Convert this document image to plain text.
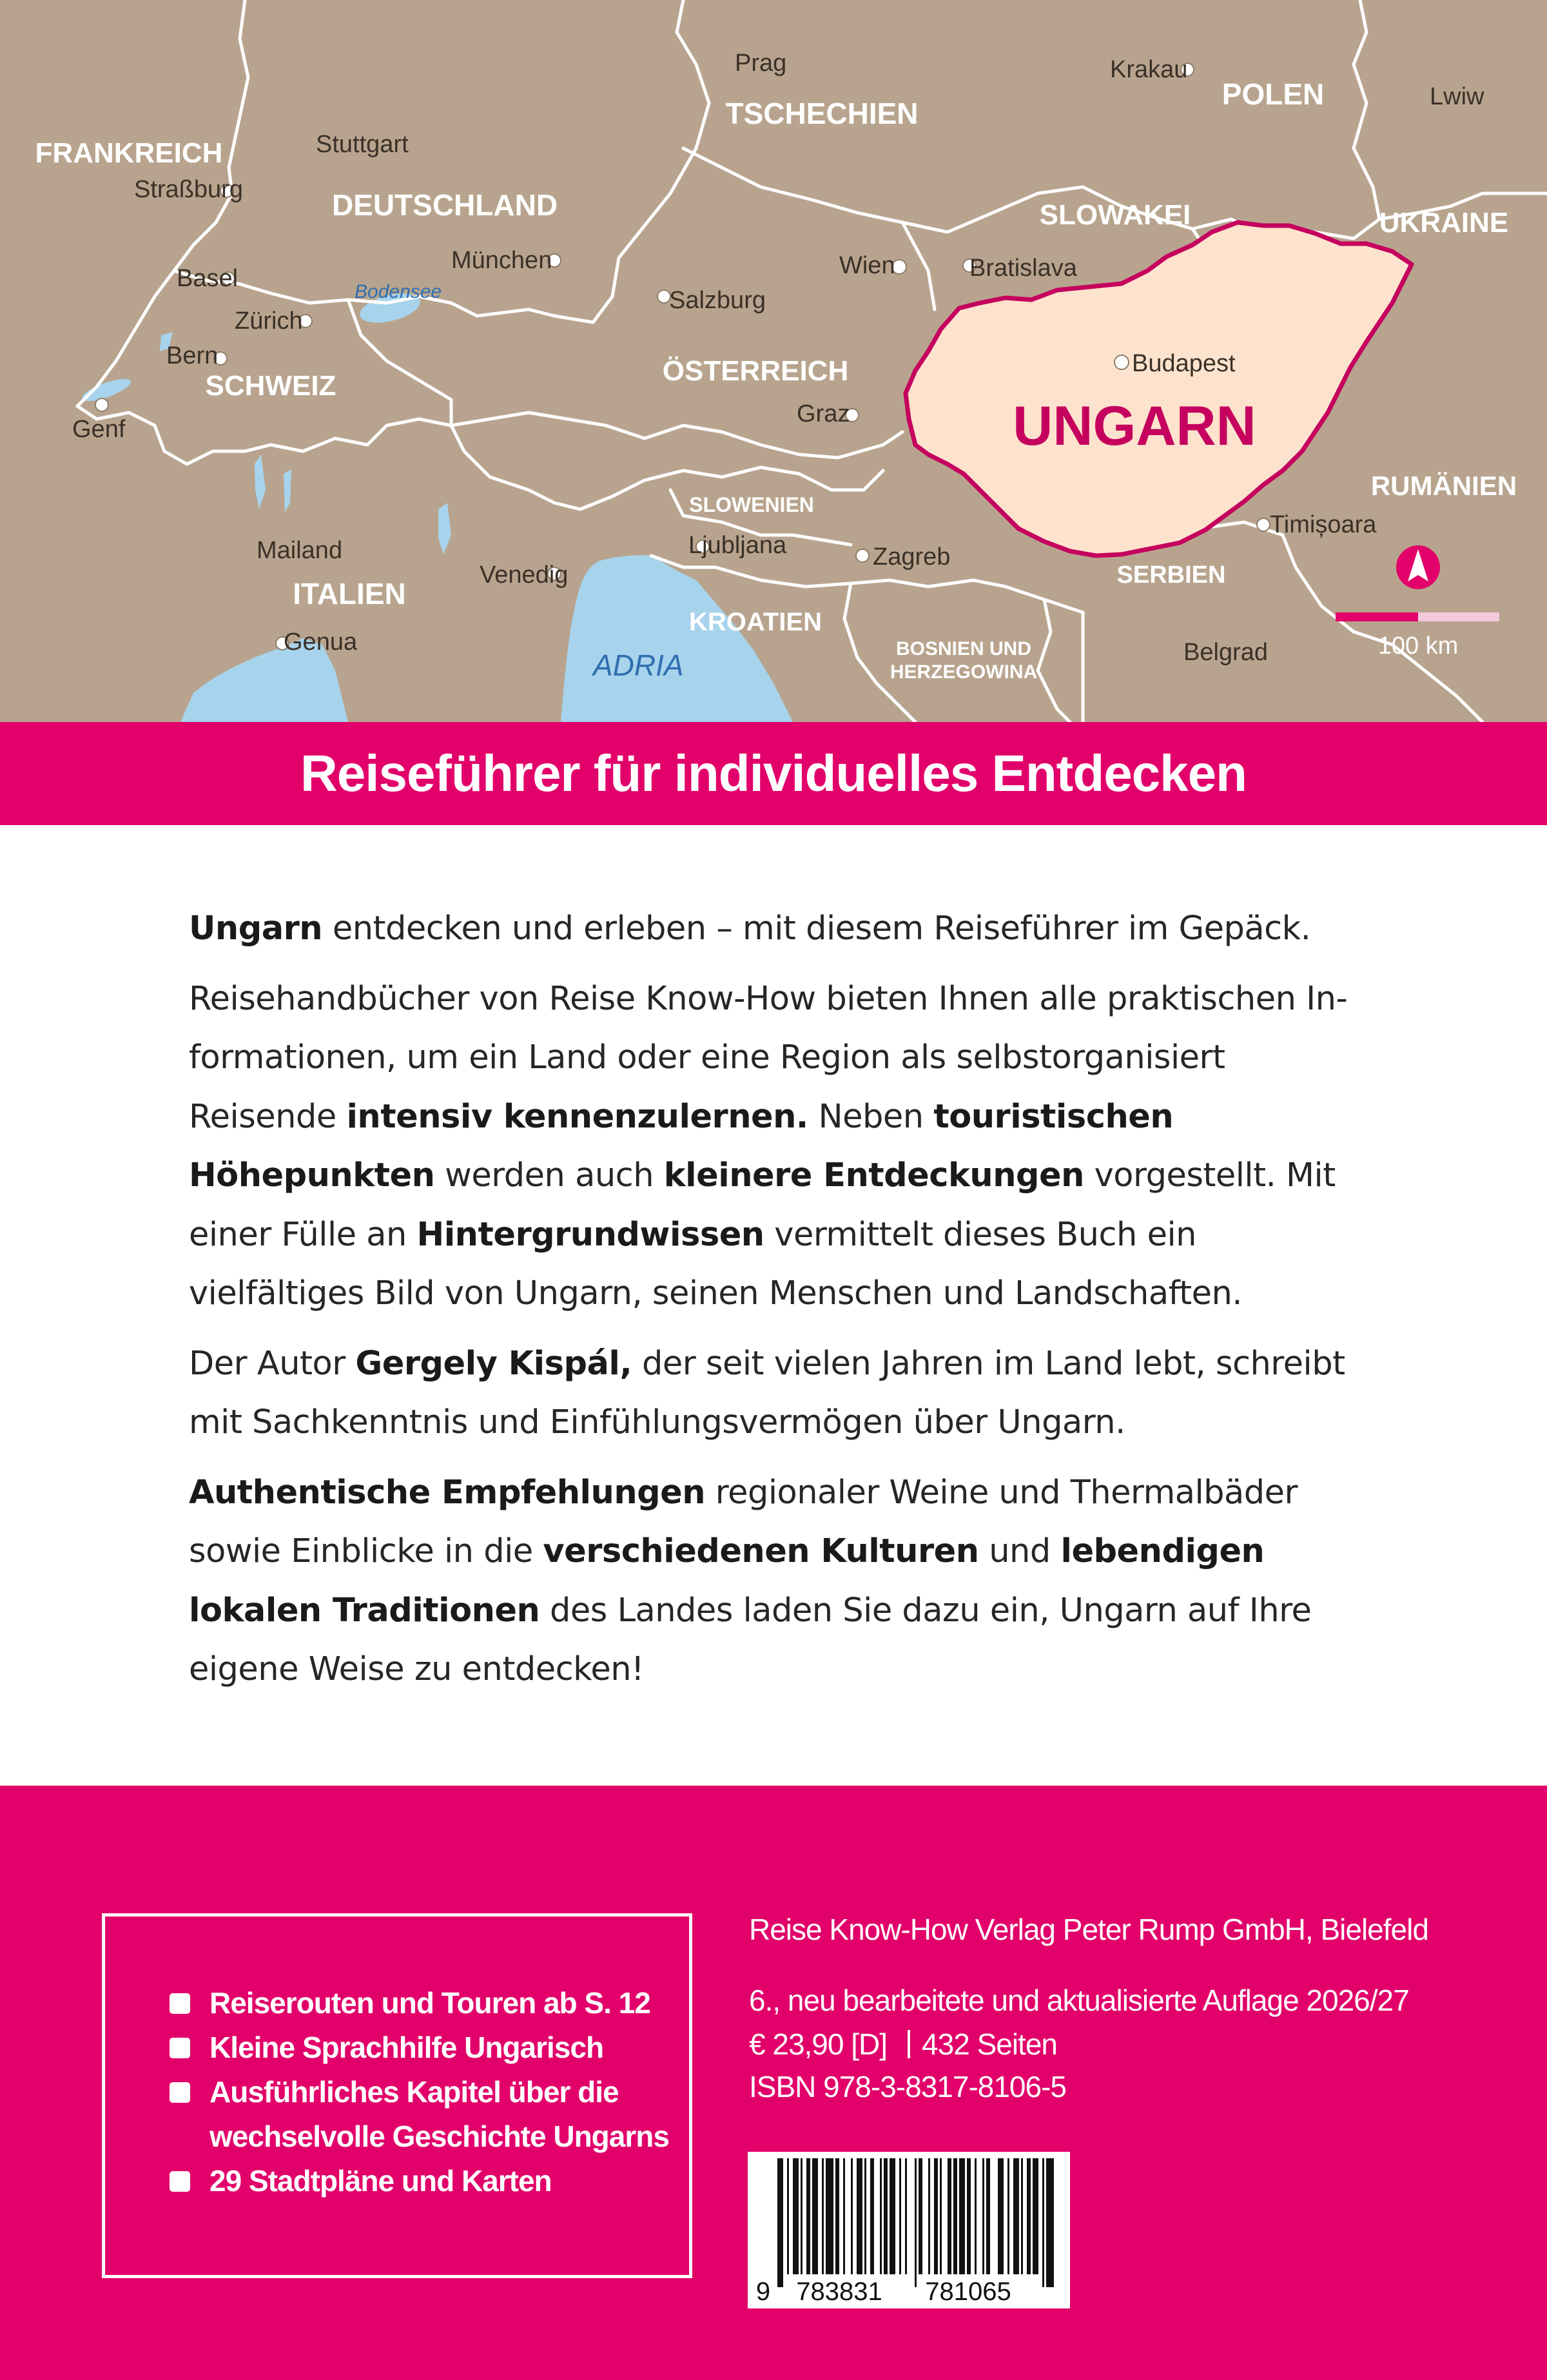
FRANKREICH
DEUTSCHLAND
TSCHECHIEN
POLEN
SLOWAKEI	UKRAINE
SCHWEIZ	ÖSTERREICH
RUMÄNIEN
SLOWENIEN
ITALIEN
KROATIEN
SERBIEN
BOSNIEN UND
HERZEGOWINA
UNGARN
Prag	Krakau
Lwiw
Stuttgart
Straßburg
München
Basel	Wien	Bratislava
Salzburg
Zürich
Bern	Budapest
Graz
Genf
Ljubljana	Zagreb
Timișoara
Mailand
Venedig
Genua	Belgrad
Bodensee
ADRIA
100 km
Reiseführer für individuelles Entdecken

Ungarn entdecken und erleben – mit diesem Reiseführer im Gepäck.

Reisehandbücher von Reise Know-How bieten Ihnen alle praktischen Informationen, um ein Land oder eine Region als selbstorganisiert Reisende intensiv kennenzulernen. Neben touristischen Höhepunkten werden auch kleinere Entdeckungen vorgestellt. Mit einer Fülle an Hintergrundwissen vermittelt dieses Buch ein vielfältiges Bild von Ungarn, seinen Menschen und Landschaften.

Der Autor Gergely Kispál, der seit vielen Jahren im Land lebt, schreibt mit Sachkenntnis und Einfühlungsvermögen über Ungarn.

Authentische Empfehlungen regionaler Weine und Thermalbäder sowie Einblicke in die verschiedenen Kulturen und lebendigen lokalen Traditionen des Landes laden Sie dazu ein, Ungarn auf Ihre eigene Weise zu entdecken!

Reiserouten und Touren ab S. 12
Kleine Sprachhilfe Ungarisch
Ausführliches Kapitel über die
wechselvolle Geschichte Ungarns
29 Stadtpläne und Karten
Reise Know-How Verlag Peter Rump GmbH, Bielefeld
6., neu bearbeitete und aktualisierte Auflage 2026/27
€ 23,90 [D] 432 Seiten
ISBN 978-3-8317-8106-5
9 783831 781065
